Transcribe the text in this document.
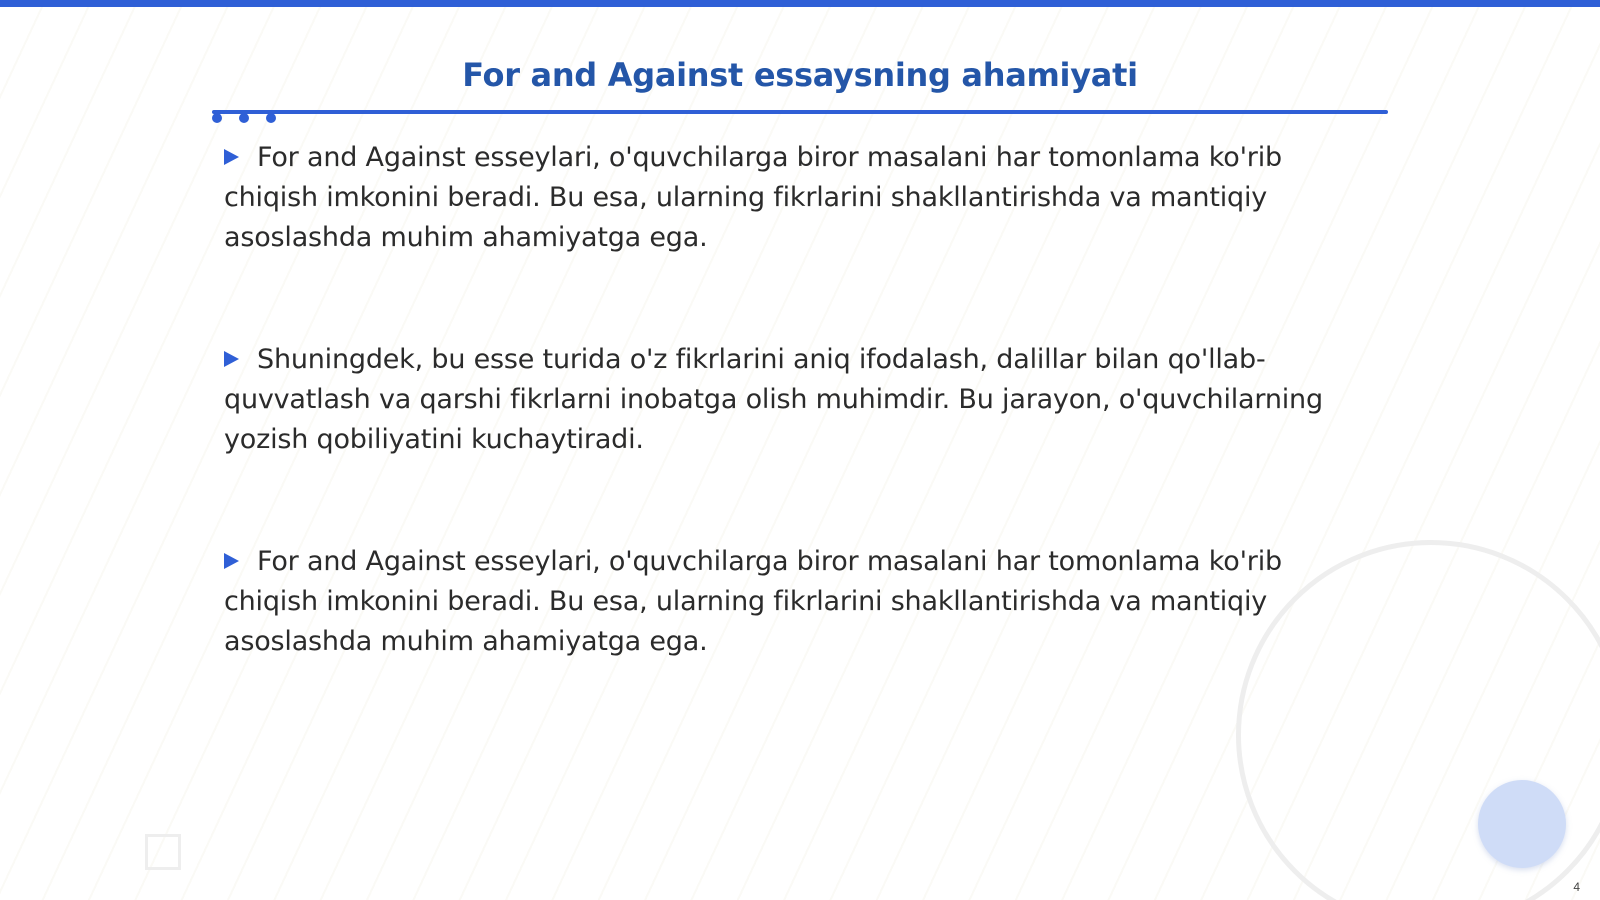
For and Against essaysning ahamiyati

For and Against esseylari, o'quvchilarga biror masalani har tomonlama ko'rib chiqish imkonini beradi. Bu esa, ularning fikrlarini shakllantirishda va mantiqiy asoslashda muhim ahamiyatga ega.

Shuningdek, bu esse turida o'z fikrlarini aniq ifodalash, dalillar bilan qo'llab-quvvatlash va qarshi fikrlarni inobatga olish muhimdir. Bu jarayon, o'quvchilarning yozish qobiliyatini kuchaytiradi.

For and Against esseylari, o'quvchilarga biror masalani har tomonlama ko'rib chiqish imkonini beradi. Bu esa, ularning fikrlarini shakllantirishda va mantiqiy asoslashda muhim ahamiyatga ega.

4
